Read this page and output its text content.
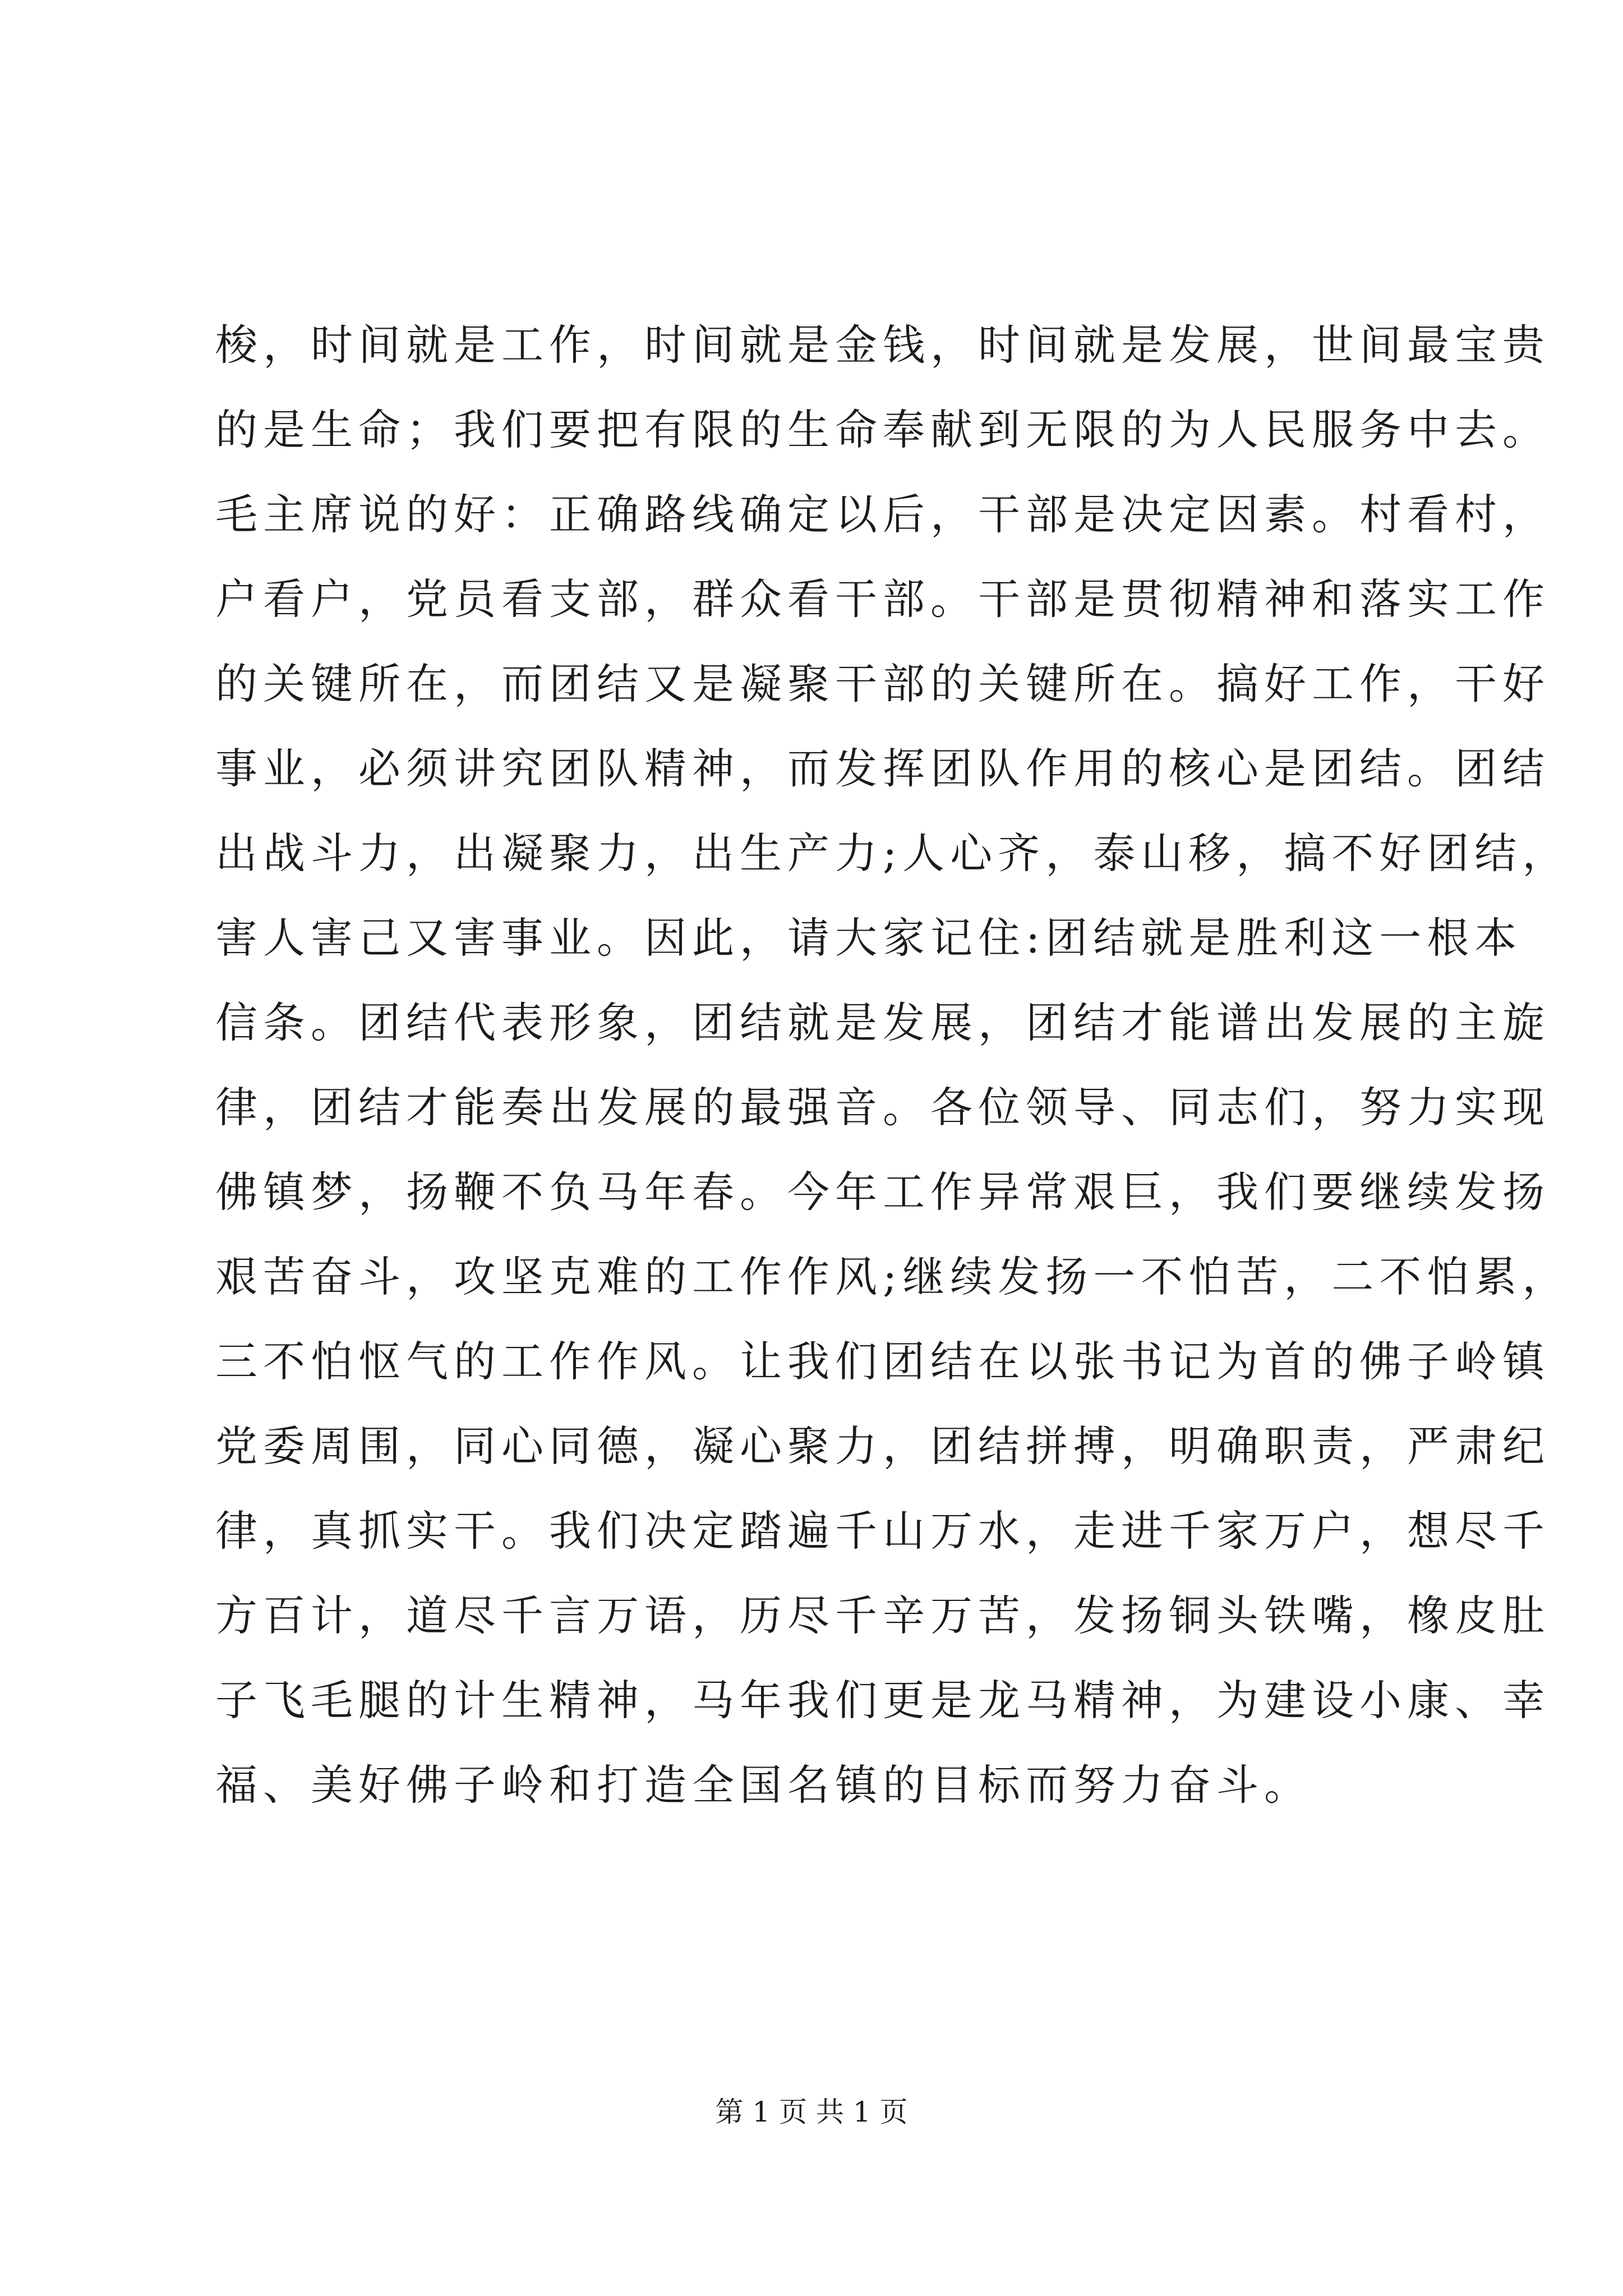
梭，时间就是工作，时间就是金钱，时间就是发展，世间最宝贵
的是生命；我们要把有限的生命奉献到无限的为人民服务中去。
毛主席说的好：正确路线确定以后，干部是决定因素。村看村，
户看户，党员看支部，群众看干部。干部是贯彻精神和落实工作
的关键所在，而团结又是凝聚干部的关键所在。搞好工作，干好
事业，必须讲究团队精神，而发挥团队作用的核心是团结。团结
出战斗力，出凝聚力，出生产力;人心齐，泰山移，搞不好团结，
害人害己又害事业。因此，请大家记住:团结就是胜利这一根本
信条。团结代表形象，团结就是发展，团结才能谱出发展的主旋
律，团结才能奏出发展的最强音。各位领导、同志们，努力实现
佛镇梦，扬鞭不负马年春。今年工作异常艰巨，我们要继续发扬
艰苦奋斗，攻坚克难的工作作风;继续发扬一不怕苦，二不怕累，
三不怕怄气的工作作风。让我们团结在以张书记为首的佛子岭镇
党委周围，同心同德，凝心聚力，团结拼搏，明确职责，严肃纪
律，真抓实干。我们决定踏遍千山万水，走进千家万户，想尽千
方百计，道尽千言万语，历尽千辛万苦，发扬铜头铁嘴，橡皮肚
子飞毛腿的计生精神，马年我们更是龙马精神，为建设小康、幸
福、美好佛子岭和打造全国名镇的目标而努力奋斗。
第 1 页 共 1 页
